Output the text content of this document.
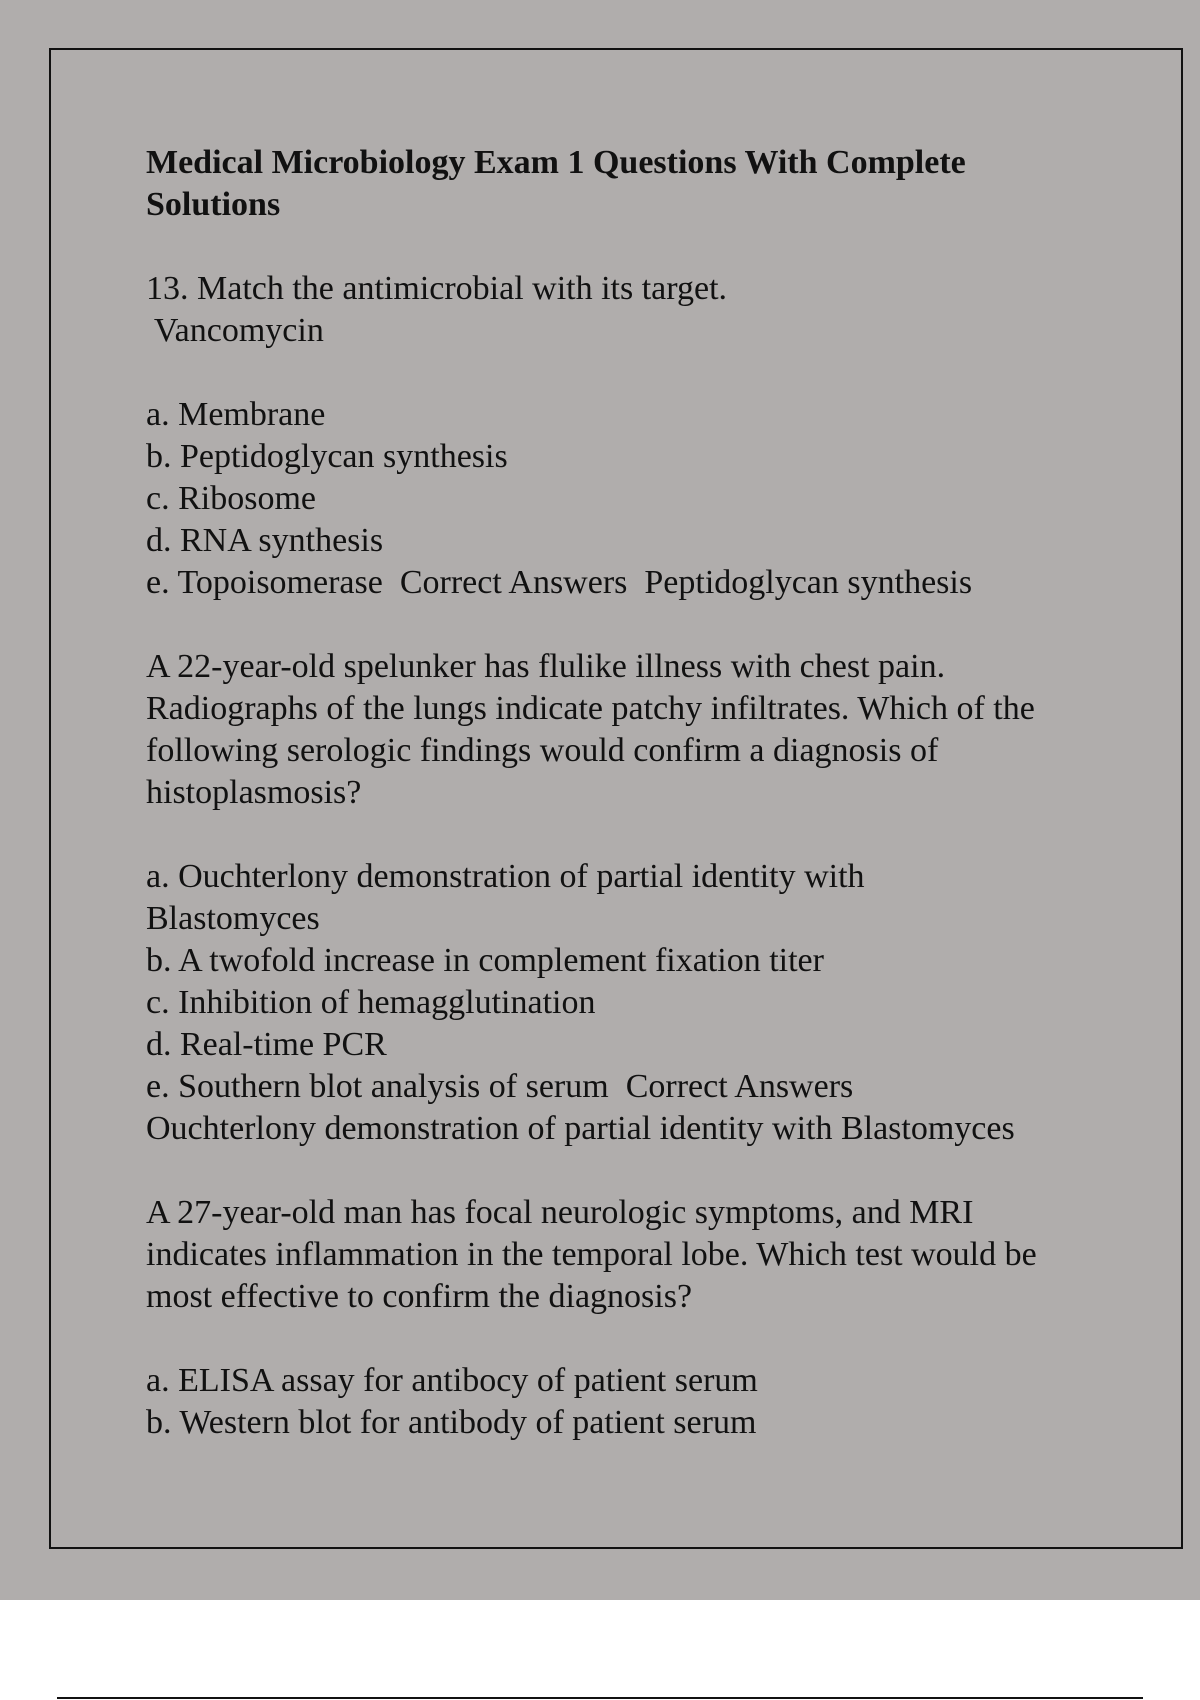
Medical Microbiology Exam 1 Questions With Complete Solutions
13. Match the antimicrobial with its target.
Vancomycin
a. Membrane
b. Peptidoglycan synthesis
c. Ribosome
d. RNA synthesis
e. Topoisomerase  Correct Answers  Peptidoglycan synthesis
A 22-year-old spelunker has flulike illness with chest pain. Radiographs of the lungs indicate patchy infiltrates. Which of the following serologic findings would confirm a diagnosis of histoplasmosis?
a. Ouchterlony demonstration of partial identity with Blastomyces
b. A twofold increase in complement fixation titer
c. Inhibition of hemagglutination
d. Real-time PCR
e. Southern blot analysis of serum  Correct Answers
Ouchterlony demonstration of partial identity with Blastomyces
A 27-year-old man has focal neurologic symptoms, and MRI indicates inflammation in the temporal lobe. Which test would be most effective to confirm the diagnosis?
a. ELISA assay for antibocy of patient serum
b. Western blot for antibody of patient serum
